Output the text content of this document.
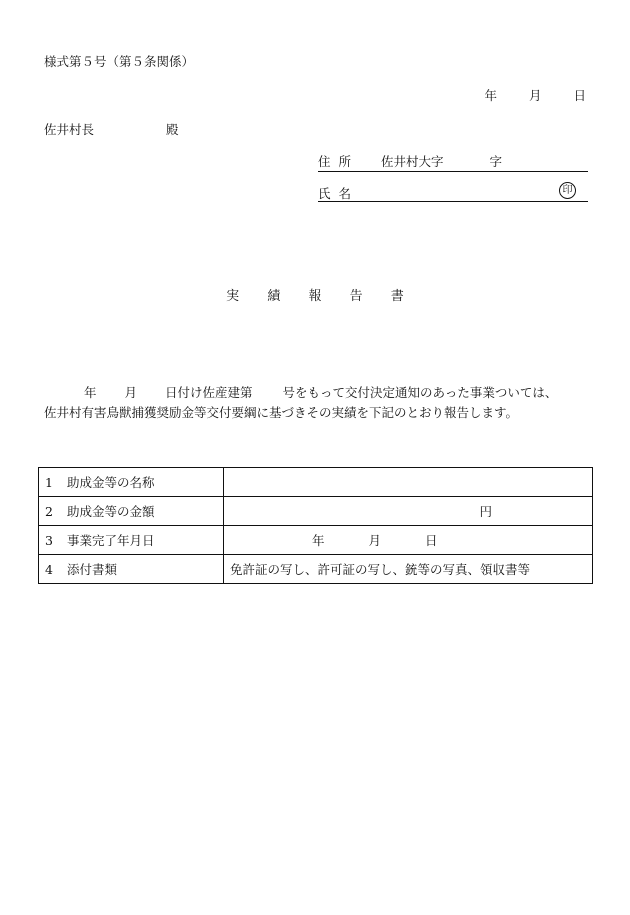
様式第５号（第５条関係）
年	月	日
佐井村長	殿
住 所 佐井村大字	字
氏 名	印
実 績 報 告 書
年 月 日付け佐産建第 号をもって交付決定通知のあった事業ついては、
佐井村有害鳥獣捕獲奨励金等交付要綱に基づきその実績を下記のとおり報告します。
1 助成金等の名称	
2 助成金等の金額	円
3 事業完了年月日	年 月 日
4 添付書類	免許証の写し、許可証の写し、銃等の写真、領収書等
